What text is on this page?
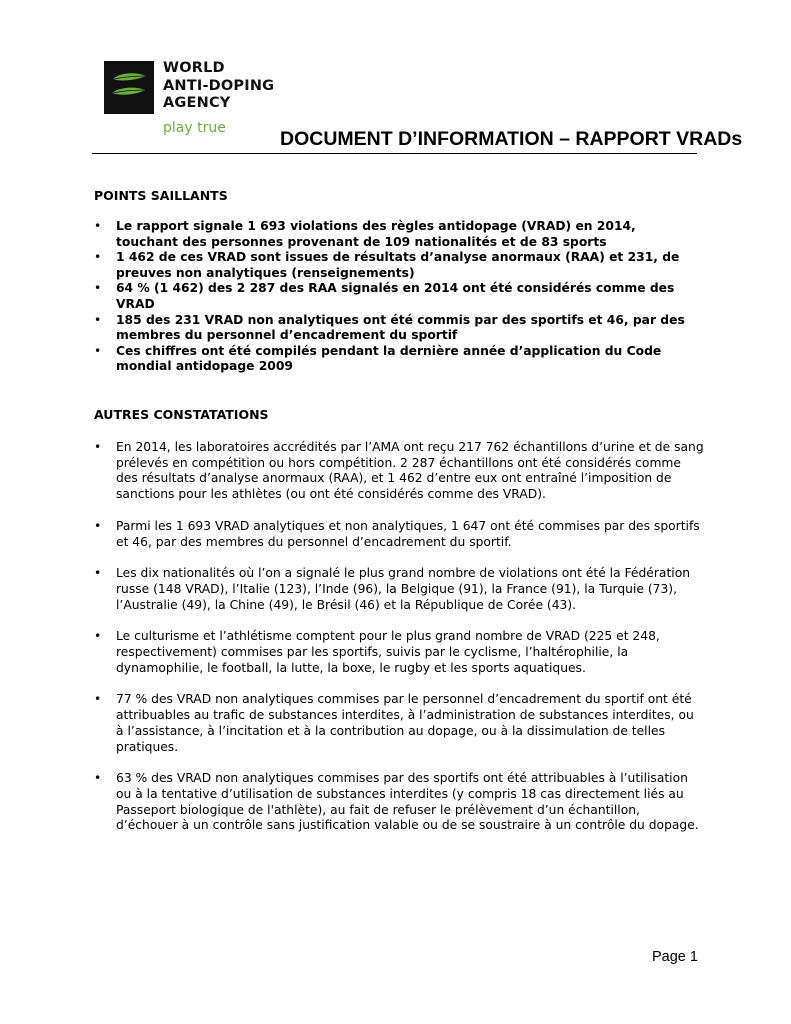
WORLD
ANTI-DOPING
AGENCY
play true	DOCUMENT D’INFORMATION – RAPPORT VRADs
POINTS SAILLANTS
• Le rapport signale 1 693 violations des règles antidopage (VRAD) en 2014, touchant des personnes provenant de 109 nationalités et de 83 sports
• 1 462 de ces VRAD sont issues de résultats d’analyse anormaux (RAA) et 231, de preuves non analytiques (renseignements)
• 64 % (1 462) des 2 287 des RAA signalés en 2014 ont été considérés comme des VRAD
• 185 des 231 VRAD non analytiques ont été commis par des sportifs et 46, par des membres du personnel d’encadrement du sportif
• Ces chiffres ont été compilés pendant la dernière année d’application du Code mondial antidopage 2009
AUTRES CONSTATATIONS
• En 2014, les laboratoires accrédités par l’AMA ont reçu 217 762 échantillons d’urine et de sang prélevés en compétition ou hors compétition. 2 287 échantillons ont été considérés comme des résultats d’analyse anormaux (RAA), et 1 462 d’entre eux ont entraîné l’imposition de sanctions pour les athlètes (ou ont été considérés comme des VRAD).
• Parmi les 1 693 VRAD analytiques et non analytiques, 1 647 ont été commises par des sportifs et 46, par des membres du personnel d’encadrement du sportif.
• Les dix nationalités où l’on a signalé le plus grand nombre de violations ont été la Fédération russe (148 VRAD), l’Italie (123), l’Inde (96), la Belgique (91), la France (91), la Turquie (73), l’Australie (49), la Chine (49), le Brésil (46) et la République de Corée (43).
• Le culturisme et l’athlétisme comptent pour le plus grand nombre de VRAD (225 et 248, respectivement) commises par les sportifs, suivis par le cyclisme, l’haltérophilie, la dynamophilie, le football, la lutte, la boxe, le rugby et les sports aquatiques.
• 77 % des VRAD non analytiques commises par le personnel d’encadrement du sportif ont été attribuables au trafic de substances interdites, à l’administration de substances interdites, ou à l’assistance, à l’incitation et à la contribution au dopage, ou à la dissimulation de telles pratiques.
• 63 % des VRAD non analytiques commises par des sportifs ont été attribuables à l’utilisation ou à la tentative d’utilisation de substances interdites (y compris 18 cas directement liés au Passeport biologique de l'athlète), au fait de refuser le prélèvement d’un échantillon, d’échouer à un contrôle sans justification valable ou de se soustraire à un contrôle du dopage.
Page 1
